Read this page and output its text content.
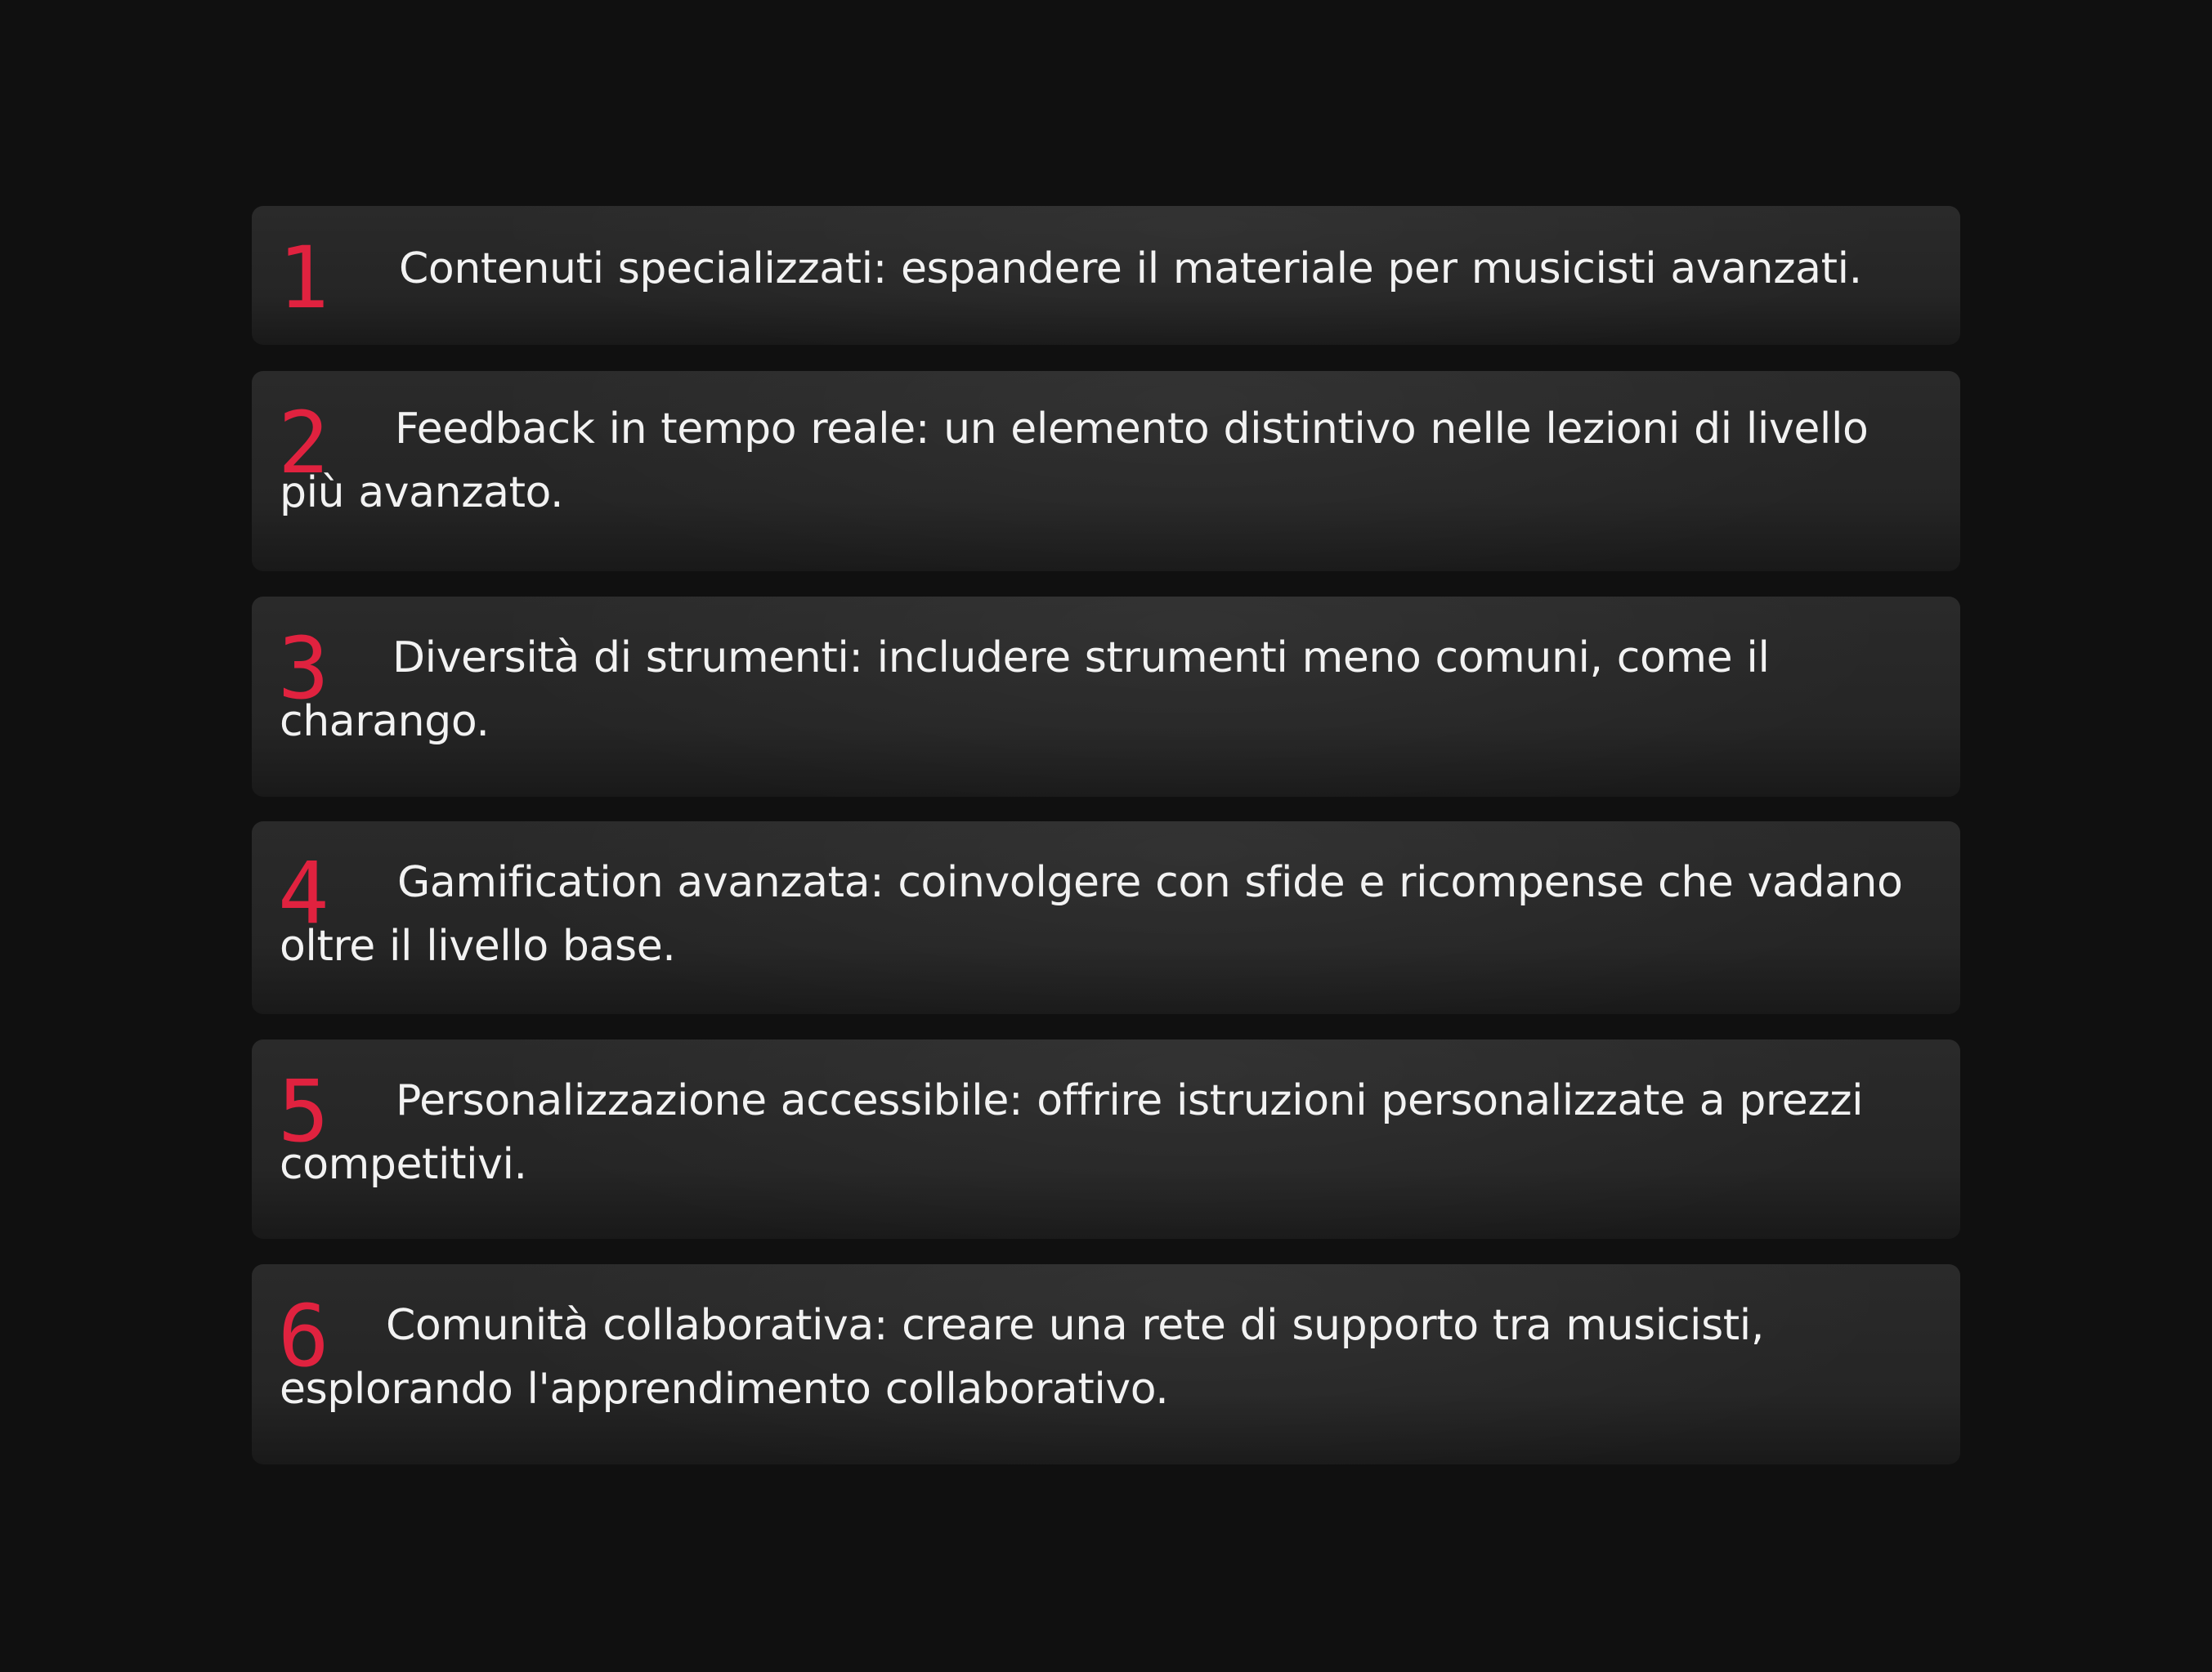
1	Contenuti specializzati: espandere il materiale per musicisti avanzati.
2	Feedback in tempo reale: un elemento distintivo nelle lezioni di livello più avanzato.
3	Diversità di strumenti: includere strumenti meno comuni, come il charango.
4	Gamification avanzata: coinvolgere con sfide e ricompense che vadano oltre il livello base.
5	Personalizzazione accessibile: offrire istruzioni personalizzate a prezzi competitivi.
6	Comunità collaborativa: creare una rete di supporto tra musicisti, esplorando l'apprendimento collaborativo.
